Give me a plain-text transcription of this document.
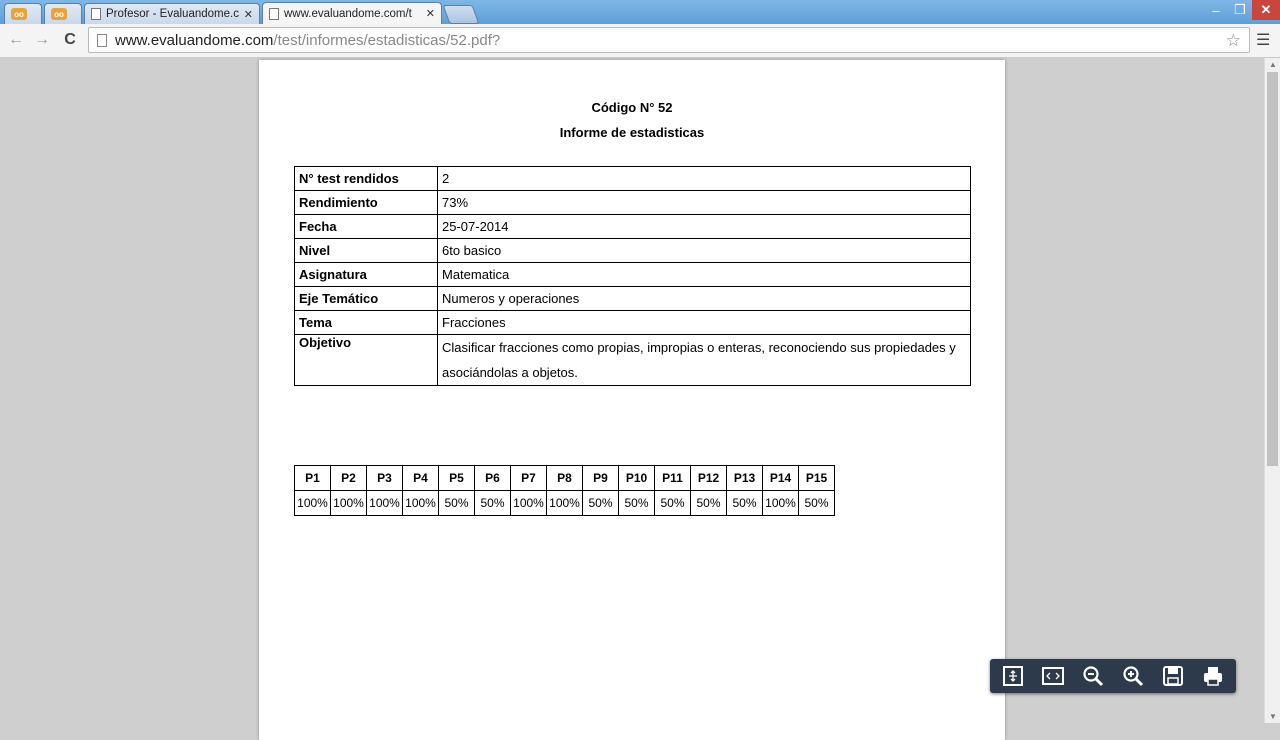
oo	oo	Profesor - Evaluandome.c ✕	www.evaluandome.com/t	✕	–	❐	✕
← → C	www.evaluandome.com/test/informes/estadisticas/52.pdf?	☆ ☰
▲
▼
Código N° 52
Informe de estadisticas
N° test rendidos	2
Rendimiento	73%
Fecha	25-07-2014
Nivel	6to basico
Asignatura	Matematica
Eje Temático	Numeros y operaciones
Tema	Fracciones
Objetivo	Clasificar fracciones como propias, impropias o enteras, reconociendo sus propiedades y asociándolas a objetos.
P1	P2	P3	P4	P5	P6	P7	P8	P9	P10	P11	P12	P13	P14	P15
100%	100%	100%	100%	50%	50%	100%	100%	50%	50%	50%	50%	50%	100%	50%
